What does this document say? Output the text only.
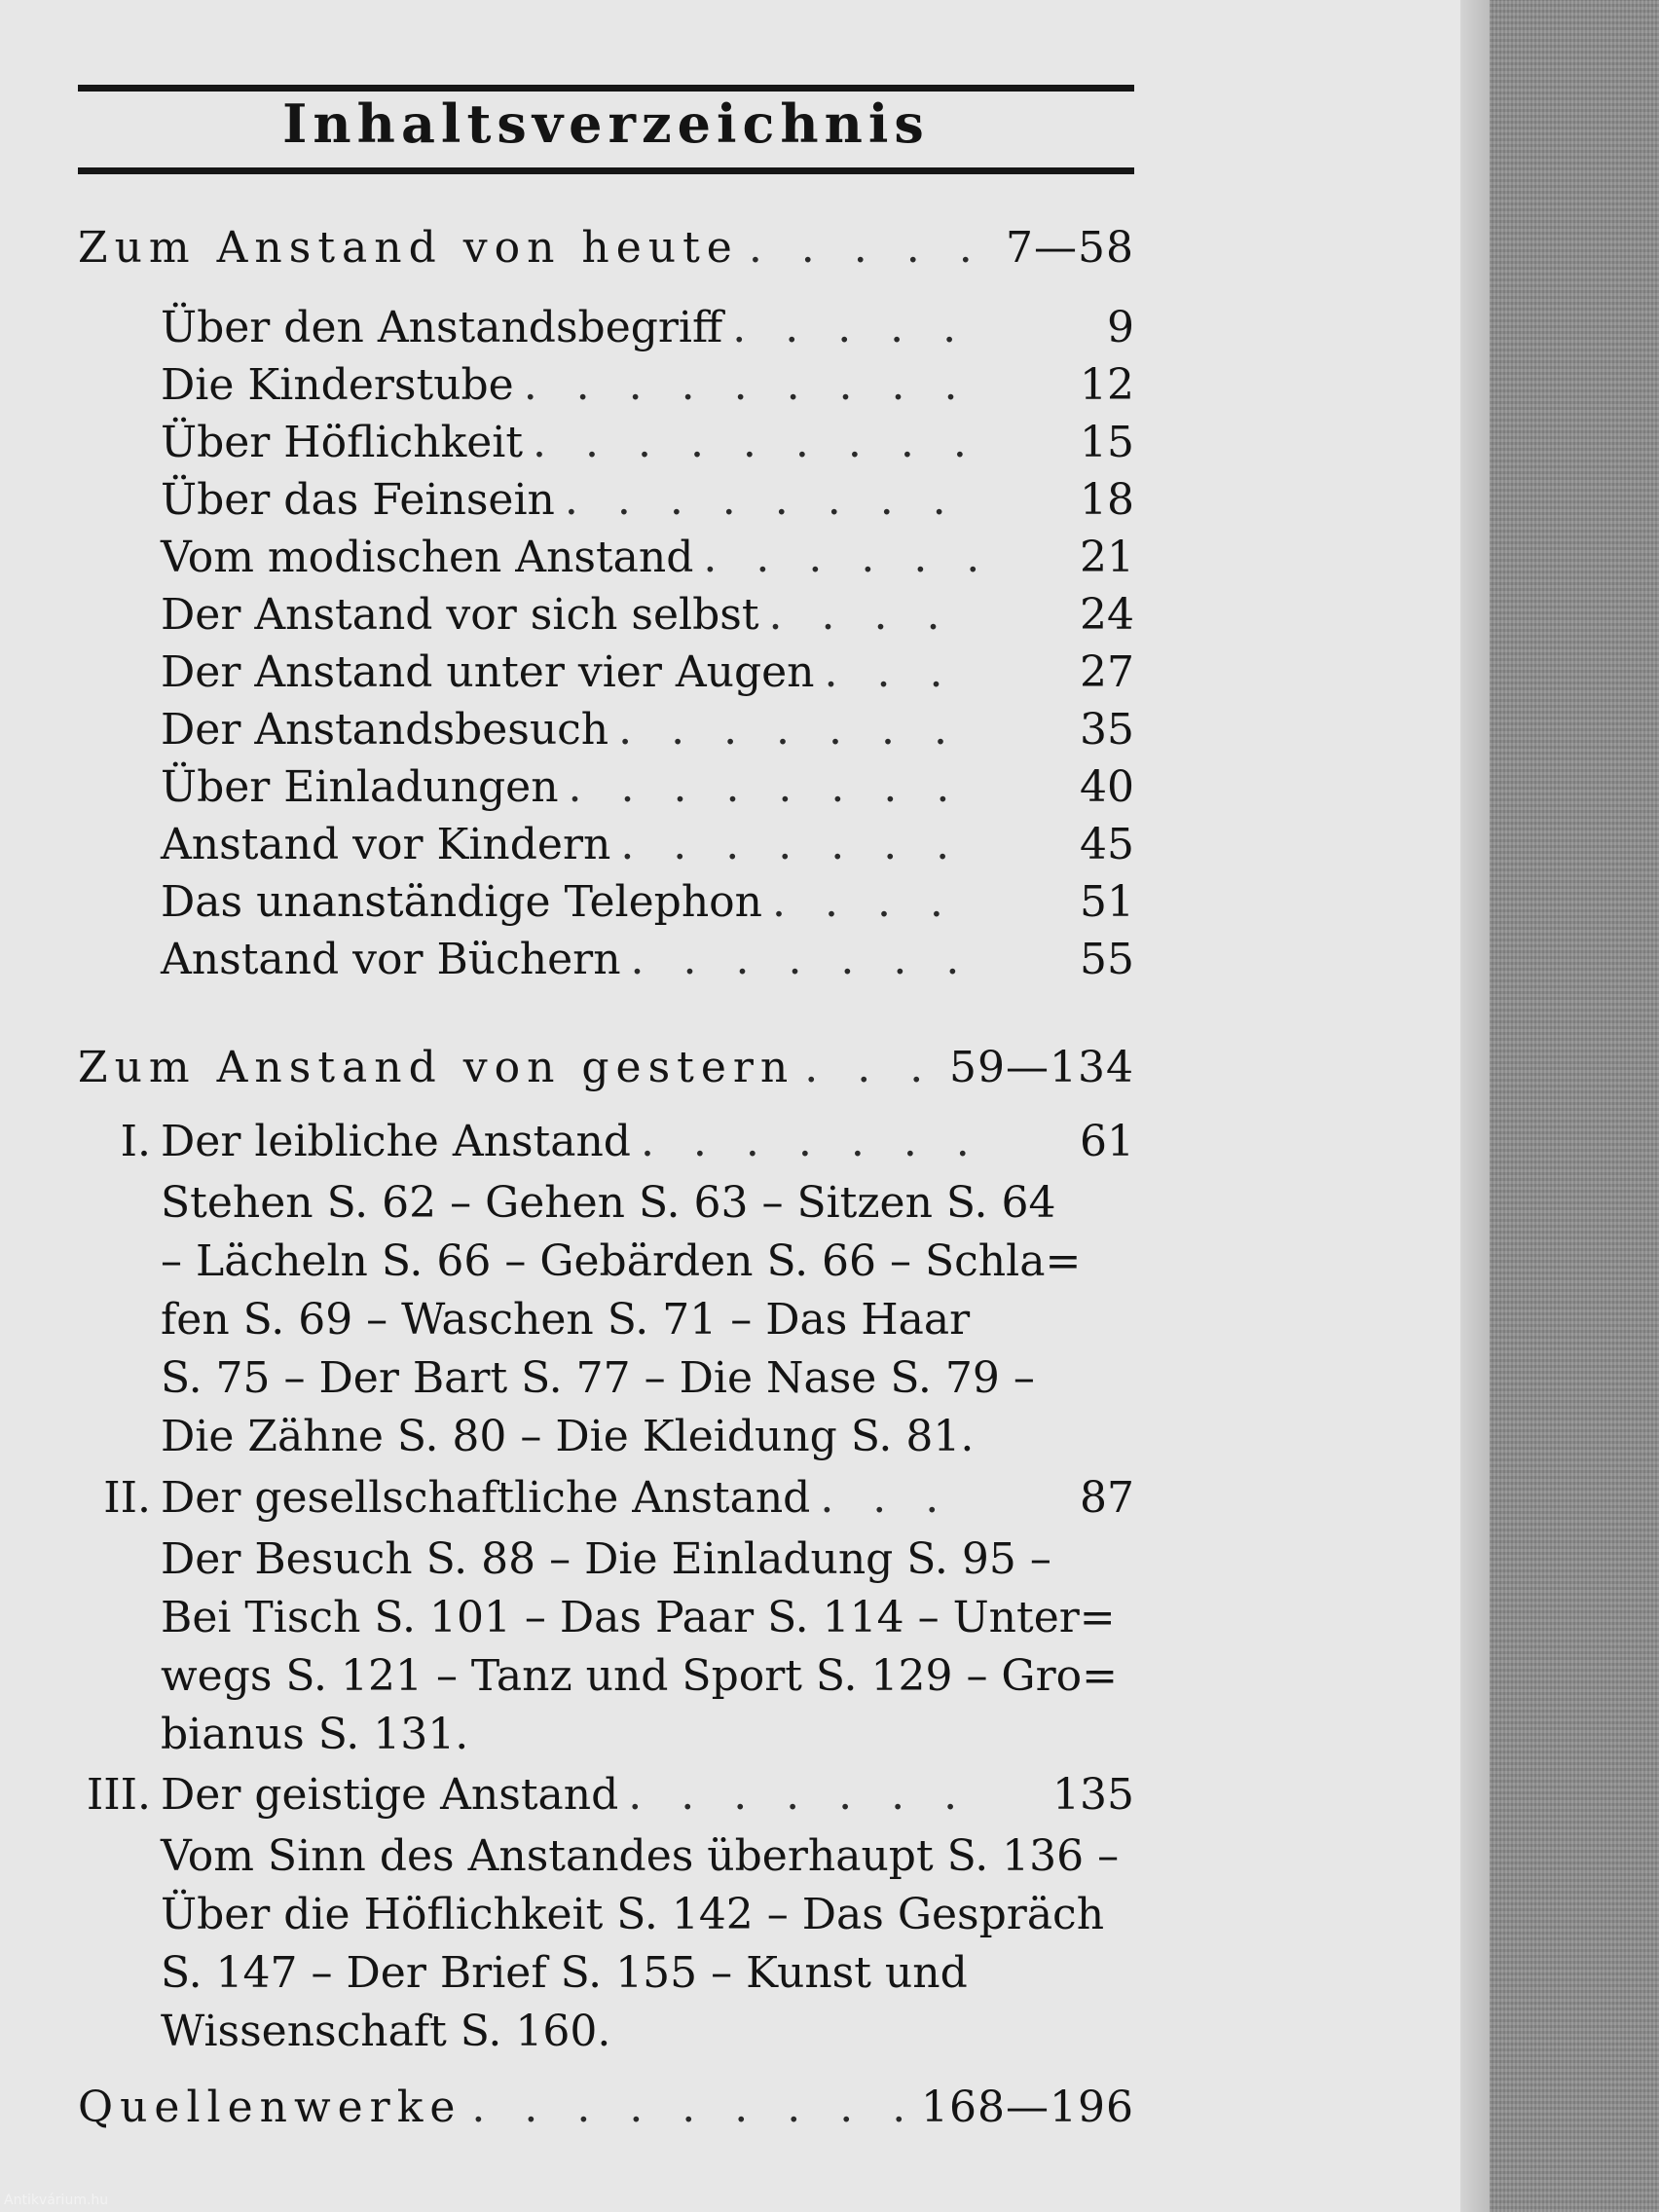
Inhaltsverzeichnis
Zum Anstand von heute . . .	7—58
Über den Anstandsbegriff . . .	9
Die Kinderstube . . .	12
Über Höflichkeit . . .	15
Über das Feinsein . . .	18
Vom modischen Anstand . . .	21
Der Anstand vor sich selbst . . .	24
Der Anstand unter vier Augen . . .	27
Der Anstandsbesuch . . .	35
Über Einladungen . . .	40
Anstand vor Kindern . . .	45
Das unanständige Telephon . . .	51
Anstand vor Büchern . . .	55
Zum Anstand von gestern . . .	59—134
I. Der leibliche Anstand . . .	61
Stehen S. 62 – Gehen S. 63 – Sitzen S. 64
– Lächeln S. 66 – Gebärden S. 66 – Schla=
fen S. 69 – Waschen S. 71 – Das Haar
S. 75 – Der Bart S. 77 – Die Nase S. 79 –
Die Zähne S. 80 – Die Kleidung S. 81.
II. Der gesellschaftliche Anstand . . .	87
Der Besuch S. 88 – Die Einladung S. 95 –
Bei Tisch S. 101 – Das Paar S. 114 – Unter=
wegs S. 121 – Tanz und Sport S. 129 – Gro=
bianus S. 131.
III. Der geistige Anstand . . .	135
Vom Sinn des Anstandes überhaupt S. 136 –
Über die Höflichkeit S. 142 – Das Gespräch
S. 147 – Der Brief S. 155 – Kunst und
Wissenschaft S. 160.
Quellenwerke . . .	168—196
Antikvárium.hu
